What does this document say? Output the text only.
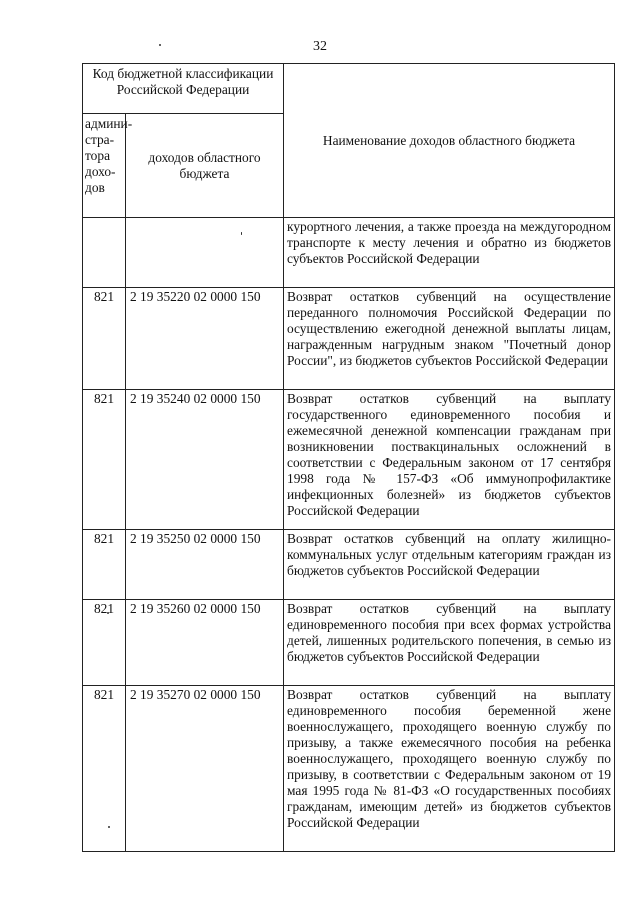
32
Код бюджетной классификации Российской Федерации		Наименование доходов областного бюджета
админи-стра-тора дохо-дов	доходов областного бюджета	
		курортного лечения, а также проезда на междугородном транспорте к месту лечения и обратно из бюджетов субъектов Российской Федерации
821	2 19 35220 02 0000 150	Возврат остатков субвенций на осуществление переданного полномочия Российской Федерации по осуществлению ежегодной денежной выплаты лицам, награжденным нагрудным знаком "Почетный донор России", из бюджетов субъектов Российской Федерации
821	2 19 35240 02 0000 150	Возврат остатков субвенций на выплату государственного единовременного пособия и ежемесячной денежной компенсации гражданам при возникновении поствакцинальных осложнений в соответствии с Федеральным законом от 17 сентября 1998 года № 157-ФЗ «Об иммунопрофилактике инфекционных болезней» из бюджетов субъектов Российской Федерации
821	2 19 35250 02 0000 150	Возврат остатков субвенций на оплату жилищно-коммунальных услуг отдельным категориям граждан из бюджетов субъектов Российской Федерации
821	2 19 35260 02 0000 150	Возврат остатков субвенций на выплату единовременного пособия при всех формах устройства детей, лишенных родительского попечения, в семью из бюджетов субъектов Российской Федерации
821	2 19 35270 02 0000 150	Возврат остатков субвенций на выплату единовременного пособия беременной жене военнослужащего, проходящего военную службу по призыву, а также ежемесячного пособия на ребенка военнослужащего, проходящего военную службу по призыву, в соответствии с Федеральным законом от 19 мая 1995 года № 81-ФЗ «О государственных пособиях гражданам, имеющим детей» из бюджетов субъектов Российской Федерации
